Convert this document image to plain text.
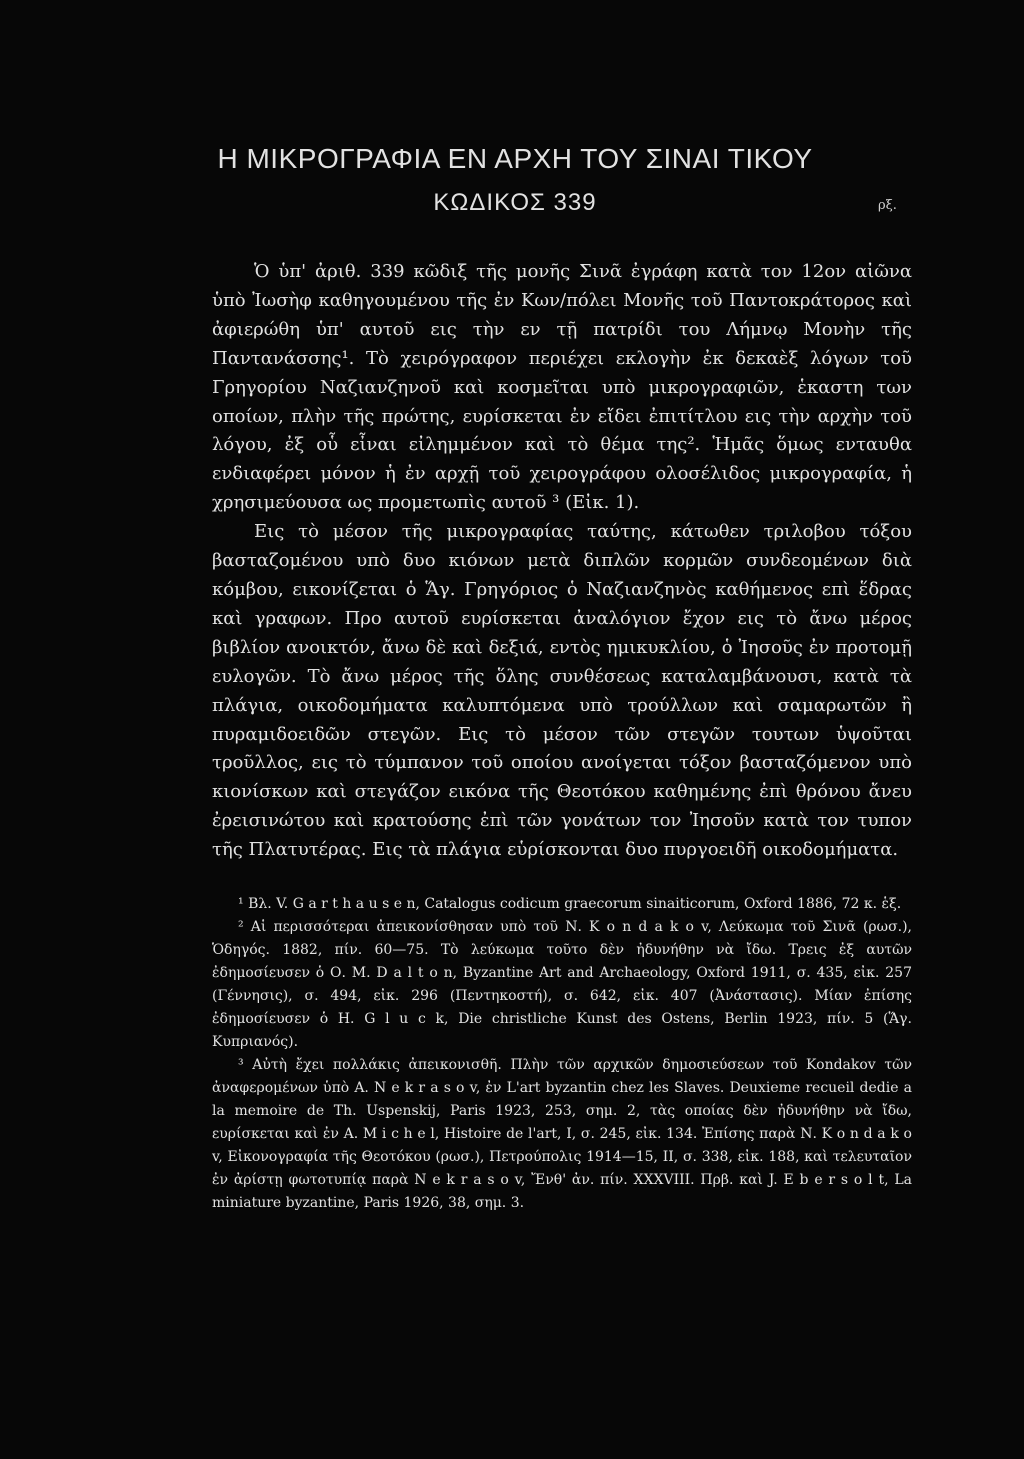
Η ΜΙΚΡΟΓΡΑΦΙΑ ΕΝ ΑΡΧΗ ΤΟΥ ΣΙΝΑΙ ΤΙΚΟΥ
ΚΩΔΙΚΟΣ 339	ρξ.

Ὁ ὑπ' ἀριθ. 339 κῶδιξ τῆς μονῆς Σινᾶ ἐγράφη κατὰ τον 12ον αἰῶνα ὑπὸ Ἰωσὴφ καθηγουμένου τῆς ἐν Κων/πόλει Μονῆς τοῦ Παντοκράτορος καὶ ἀφιερώθη ὑπ' αυτοῦ εις τὴν εν τῇ πατρίδι του Λήμνῳ Μονὴν τῆς Παντανάσσης¹. Τὸ χειρόγραφον περιέχει εκλογὴν ἐκ δεκαὲξ λόγων τοῦ Γρηγορίου Ναζιανζηνοῦ καὶ κοσμεῖται υπὸ μικρογραφιῶν, ἑκαστη των οποίων, πλὴν τῆς πρώτης, ευρίσκεται ἐν εἴδει ἐπιτίτλου εις τὴν αρχὴν τοῦ λόγου, ἐξ οὗ εἶναι εἰλημμένον καὶ τὸ θέμα της². Ἡμᾶς ὅμως ενταυθα ενδιαφέρει μόνον ἡ ἐν αρχῇ τοῦ χειρογράφου ολοσέλιδος μικρογραφία, ἡ χρησιμεύουσα ως προμετωπὶς αυτοῦ ³ (Εἰκ. 1).

Εις τὸ μέσον τῆς μικρογραφίας ταύτης, κάτωθεν τριλοβου τόξου βασταζομένου υπὸ δυο κιόνων μετὰ διπλῶν κορμῶν συνδεομένων διὰ κόμβου, εικονίζεται ὁ Ἅγ. Γρηγόριος ὁ Ναζιανζηνὸς καθήμενος επὶ ἕδρας καὶ γραφων. Προ αυτοῦ ευρίσκεται ἀναλόγιον ἔχον εις τὸ ἄνω μέρος βιβλίον ανοικτόν, ἄνω δὲ καὶ δεξιά, εντὸς ημικυκλίου, ὁ Ἰησοῦς ἐν προτομῇ ευλογῶν. Τὸ ἄνω μέρος τῆς ὅλης συνθέσεως καταλαμβάνουσι, κατὰ τὰ πλάγια, οικοδομήματα καλυπτόμενα υπὸ τρούλλων καὶ σαμαρωτῶν ἢ πυραμιδοειδῶν στεγῶν. Εις τὸ μέσον τῶν στεγῶν τουτων ὑψοῦται τροῦλλος, εις τὸ τύμπανον τοῦ οποίου ανοίγεται τόξον βασταζόμενον υπὸ κιονίσκων καὶ στεγάζον εικόνα τῆς Θεοτόκου καθημένης ἐπὶ θρόνου ἄνευ ἐρεισινώτου καὶ κρατούσης ἐπὶ τῶν γονάτων τον Ἰησοῦν κατὰ τον τυπον τῆς Πλατυτέρας. Εις τὰ πλάγια εὑρίσκονται δυο πυργοειδῆ οικοδομήματα.

¹ Βλ. V. G a r t h a u s e n, Catalogus codicum graecorum sinaiticorum, Oxford 1886, 72 κ. ἑξ.

² Αἱ περισσότεραι ἀπεικονίσθησαν υπὸ τοῦ Ν. K o n d a k o v, Λεύκωμα τοῦ Σινᾶ (ρωσ.), Ὁδηγός. 1882, πίν. 60—75. Τὸ λεύκωμα τοῦτο δὲν ἠδυνήθην νὰ ἴδω. Τρεις ἐξ αυτῶν ἐδημοσίευσεν ὁ Ο. M. D a l t o n, Byzantine Art and Archaeology, Oxford 1911, σ. 435, εἰκ. 257 (Γέννησις), σ. 494, εἰκ. 296 (Πεντηκοστή), σ. 642, εἰκ. 407 (Ἀνάστασις). Μίαν ἐπίσης ἐδημοσίευσεν ὁ Η. G l u c k, Die christliche Kunst des Ostens, Berlin 1923, πίν. 5 (Ἅγ. Κυπριανός).

³ Αὐτὴ ἔχει πολλάκις ἀπεικονισθῆ. Πλὴν τῶν αρχικῶν δημοσιεύσεων τοῦ Kondakov τῶν ἀναφερομένων ὑπὸ Α. N e k r a s o v, ἐν L'art byzantin chez les Slaves. Deuxieme recueil dedie a la memoire de Th. Uspenskij, Paris 1923, 253, σημ. 2, τὰς οποίας δὲν ἠδυνήθην νὰ ἴδω, ευρίσκεται καὶ ἐν Α. M i c h e l, Histoire de l'art, I, σ. 245, εἰκ. 134. Ἐπίσης παρὰ Ν. K o n d a k o v, Εἰκονογραφία τῆς Θεοτόκου (ρωσ.), Πετρούπολις 1914—15, II, σ. 338, εἰκ. 188, καὶ τελευταῖον ἐν ἀρίστῃ φωτοτυπίᾳ παρὰ N e k r a s o v, Ἔνθ' ἀν. πίν. XXXVIII. Πρβ. καὶ J. E b e r s o l t, La miniature byzantine, Paris 1926, 38, σημ. 3.
